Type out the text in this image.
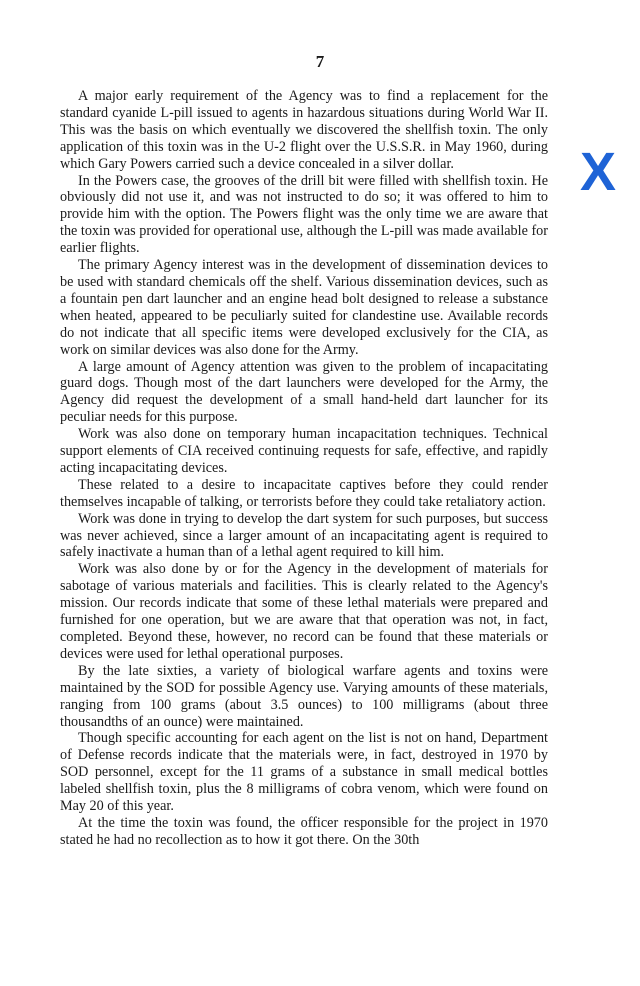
7
X

A major early requirement of the Agency was to find a replacement for the standard cyanide L-pill issued to agents in hazardous situations during World War II. This was the basis on which eventually we discovered the shellfish toxin. The only application of this toxin was in the U-2 flight over the U.S.S.R. in May 1960, during which Gary Powers carried such a device concealed in a silver dollar.

In the Powers case, the grooves of the drill bit were filled with shellfish toxin. He obviously did not use it, and was not instructed to do so; it was offered to him to provide him with the option. The Powers flight was the only time we are aware that the toxin was provided for operational use, although the L-pill was made available for earlier flights.

The primary Agency interest was in the development of dissemination devices to be used with standard chemicals off the shelf. Various dissemination devices, such as a fountain pen dart launcher and an engine head bolt designed to release a substance when heated, appeared to be peculiarly suited for clandestine use. Available records do not indicate that all specific items were developed exclusively for the CIA, as work on similar devices was also done for the Army.

A large amount of Agency attention was given to the problem of incapacitating guard dogs. Though most of the dart launchers were developed for the Army, the Agency did request the development of a small hand-held dart launcher for its peculiar needs for this purpose.

Work was also done on temporary human incapacitation techniques. Technical support elements of CIA received continuing requests for safe, effective, and rapidly acting incapacitating devices.

These related to a desire to incapacitate captives before they could render themselves incapable of talking, or terrorists before they could take retaliatory action.

Work was done in trying to develop the dart system for such purposes, but success was never achieved, since a larger amount of an incapacitating agent is required to safely inactivate a human than of a lethal agent required to kill him.

Work was also done by or for the Agency in the development of materials for sabotage of various materials and facilities. This is clearly related to the Agency's mission. Our records indicate that some of these lethal materials were prepared and furnished for one operation, but we are aware that that operation was not, in fact, completed. Beyond these, however, no record can be found that these materials or devices were used for lethal operational purposes.

By the late sixties, a variety of biological warfare agents and toxins were maintained by the SOD for possible Agency use. Varying amounts of these materials, ranging from 100 grams (about 3.5 ounces) to 100 milligrams (about three thousandths of an ounce) were maintained.

Though specific accounting for each agent on the list is not on hand, Department of Defense records indicate that the materials were, in fact, destroyed in 1970 by SOD personnel, except for the 11 grams of a substance in small medical bottles labeled shellfish toxin, plus the 8 milligrams of cobra venom, which were found on May 20 of this year.

At the time the toxin was found, the officer responsible for the project in 1970 stated he had no recollection as to how it got there. On the 30th
